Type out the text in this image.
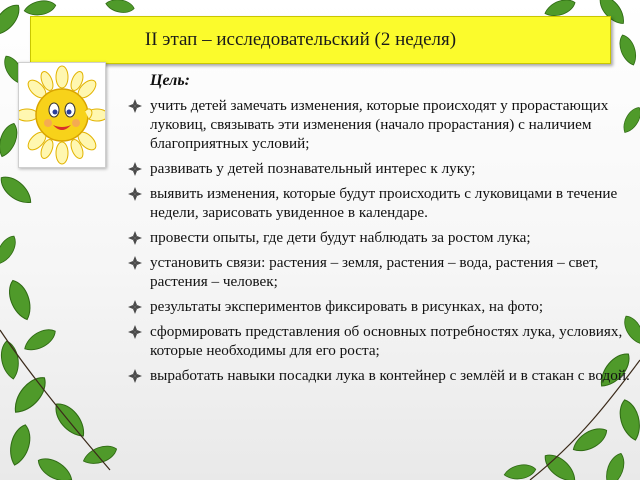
II этап – исследовательский (2 неделя)
Цель:
учить детей замечать изменения, которые происходят у прорастающих луковиц, связывать эти изменения (начало прорастания) с наличием благоприятных условий;
развивать у детей познавательный интерес к луку;
выявить изменения, которые будут происходить с луковицами в течение недели, зарисовать увиденное в календаре.
провести опыты, где дети будут наблюдать за ростом лука;
установить связи: растения – земля, растения – вода, растения – свет, растения – человек;
результаты экспериментов фиксировать в рисунках, на фото;
сформировать представления об основных потребностях лука, условиях, которые необходимы для его роста;
выработать навыки посадки лука в контейнер с землёй и в стакан с водой.
